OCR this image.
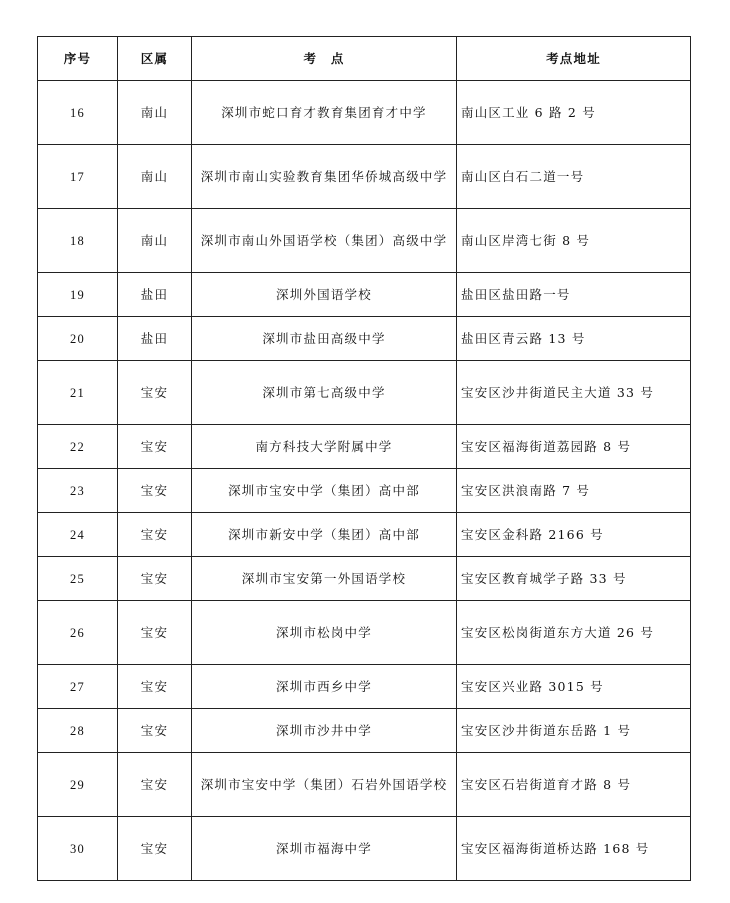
序号	区属	考　点	考点地址
16	南山	深圳市蛇口育才教育集团育才中学	南山区工业 6 路 2 号
17	南山	深圳市南山实验教育集团华侨城高级中学	南山区白石二道一号
18	南山	深圳市南山外国语学校（集团）高级中学	南山区岸湾七街 8 号
19	盐田	深圳外国语学校	盐田区盐田路一号
20	盐田	深圳市盐田高级中学	盐田区青云路 13 号
21	宝安	深圳市第七高级中学	宝安区沙井街道民主大道 33 号
22	宝安	南方科技大学附属中学	宝安区福海街道荔园路 8 号
23	宝安	深圳市宝安中学（集团）高中部	宝安区洪浪南路 7 号
24	宝安	深圳市新安中学（集团）高中部	宝安区金科路 2166 号
25	宝安	深圳市宝安第一外国语学校	宝安区教育城学子路 33 号
26	宝安	深圳市松岗中学	宝安区松岗街道东方大道 26 号
27	宝安	深圳市西乡中学	宝安区兴业路 3015 号
28	宝安	深圳市沙井中学	宝安区沙井街道东岳路 1 号
29	宝安	深圳市宝安中学（集团）石岩外国语学校	宝安区石岩街道育才路 8 号
30	宝安	深圳市福海中学	宝安区福海街道桥达路 168 号
